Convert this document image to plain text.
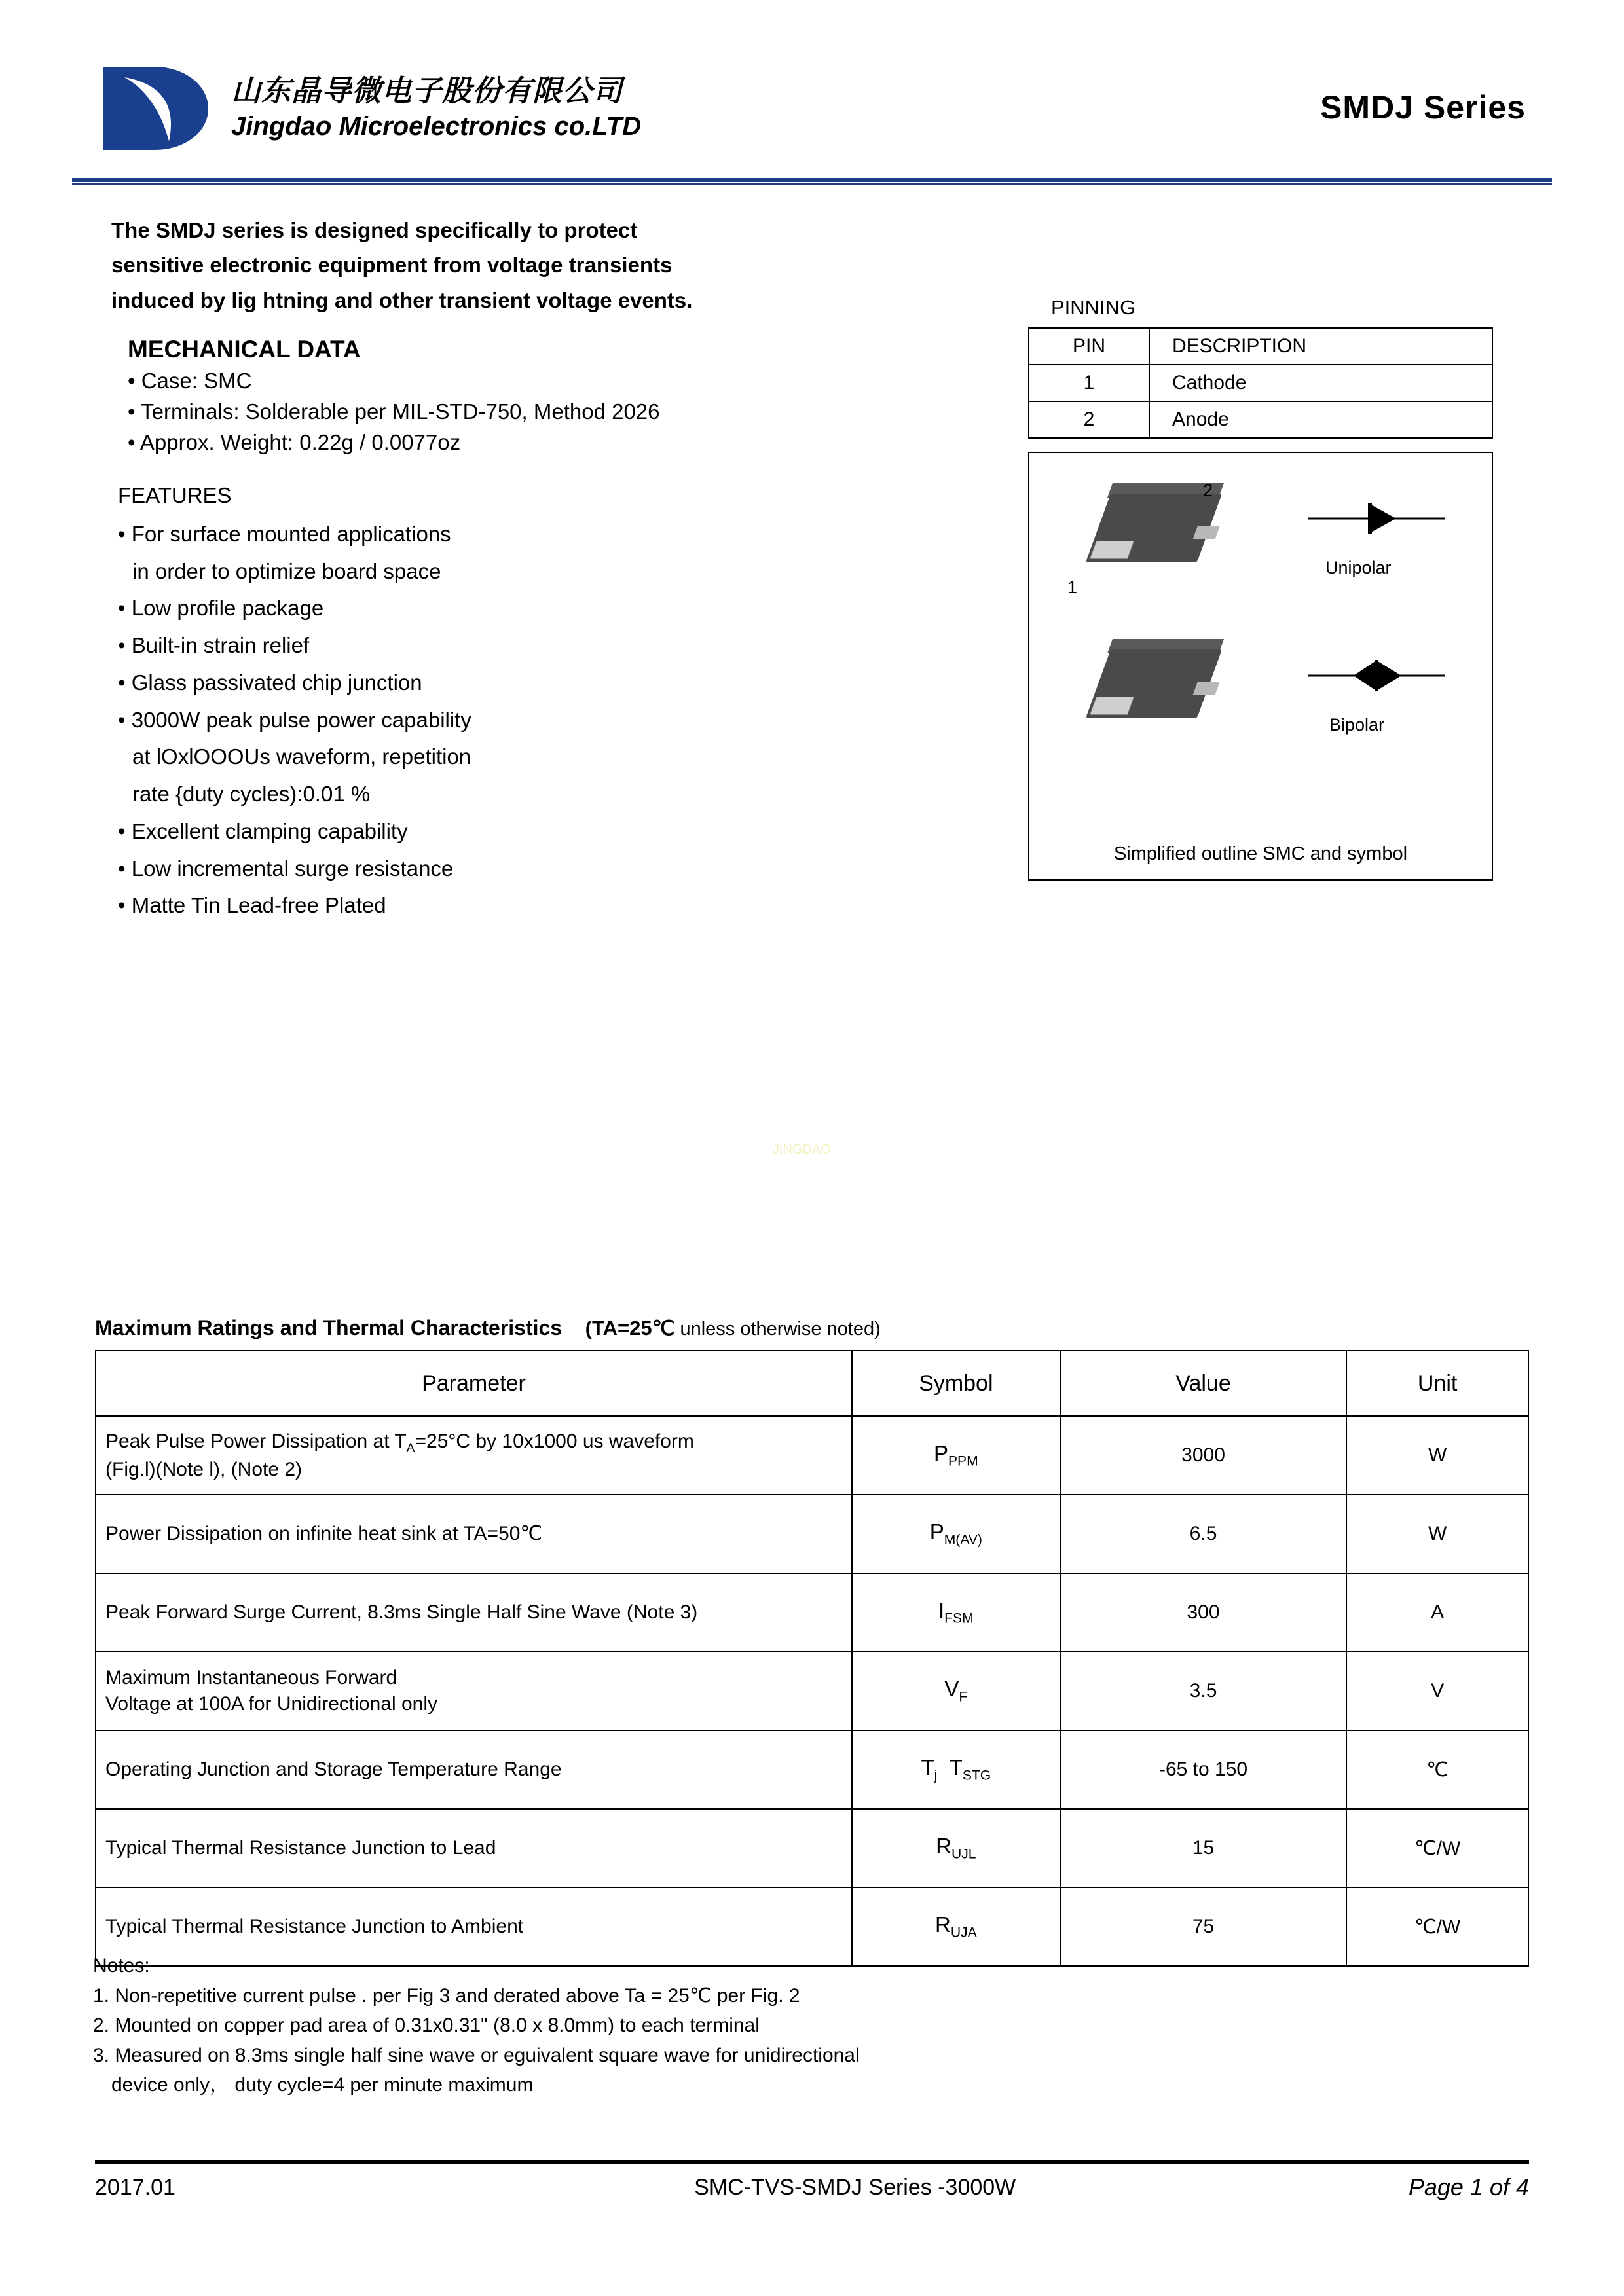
山东晶导微电子股份有限公司
Jingdao Microelectronics co.LTD
SMDJ Series
The SMDJ series is designed specifically to protect
sensitive electronic equipment from voltage transients
induced by lig htning and other transient voltage events.
MECHANICAL DATA
• Case: SMC
• Terminals: Solderable per MIL-STD-750, Method 2026
• Approx. Weight: 0.22g / 0.0077oz
FEATURES
• For surface mounted applications
in order to optimize board space
• Low profile package
• Built-in strain relief
• Glass passivated chip junction
• 3000W peak pulse power capability
at lOxlOOOUs waveform, repetition
rate {duty cycles):0.01 %
• Excellent clamping capability
• Low incremental surge resistance
• Matte Tin Lead-free Plated
JINGDAO
PINNING
PIN	DESCRIPTION
1	Cathode
2	Anode
2
1
Unipolar
Bipolar
Simplified outline SMC and symbol
Maximum Ratings and Thermal Characteristics (TA=25℃ unless otherwise noted)
Parameter	Symbol	Value	Unit
Peak Pulse Power Dissipation at $T_A=25^\circ C$ by 10x1000 us waveform
(Fig.l)(Note l), (Note 2)	$P_{PPM}$	3000	W
Power Dissipation on infinite heat sink at TA=50℃	$P_{M(AV)}$	6.5	W
Peak Forward Surge Current, 8.3ms Single Half Sine Wave (Note 3)	$I_{FSM}$	300	A
Maximum Instantaneous Forward
Voltage at 100A for Unidirectional only	$V_F$	3.5	V
Operating Junction and Storage Temperature Range	$T_j$  $T_{STG}$	-65 to 150	℃
Typical Thermal Resistance Junction to Lead	$R_{UJL}$	15	℃/W
Typical Thermal Resistance Junction to Ambient	$R_{UJA}$	75	℃/W
Notes:
1. Non-repetitive current pulse . per Fig 3 and derated above Ta = 25℃ per Fig. 2
2. Mounted on copper pad area of 0.31x0.31" (8.0 x 8.0mm) to each terminal
3. Measured on 8.3ms single half sine wave or eguivalent square wave for unidirectional
device only， duty cycle=4 per minute maximum
2017.01	SMC-TVS-SMDJ Series -3000W	Page 1 of 4
